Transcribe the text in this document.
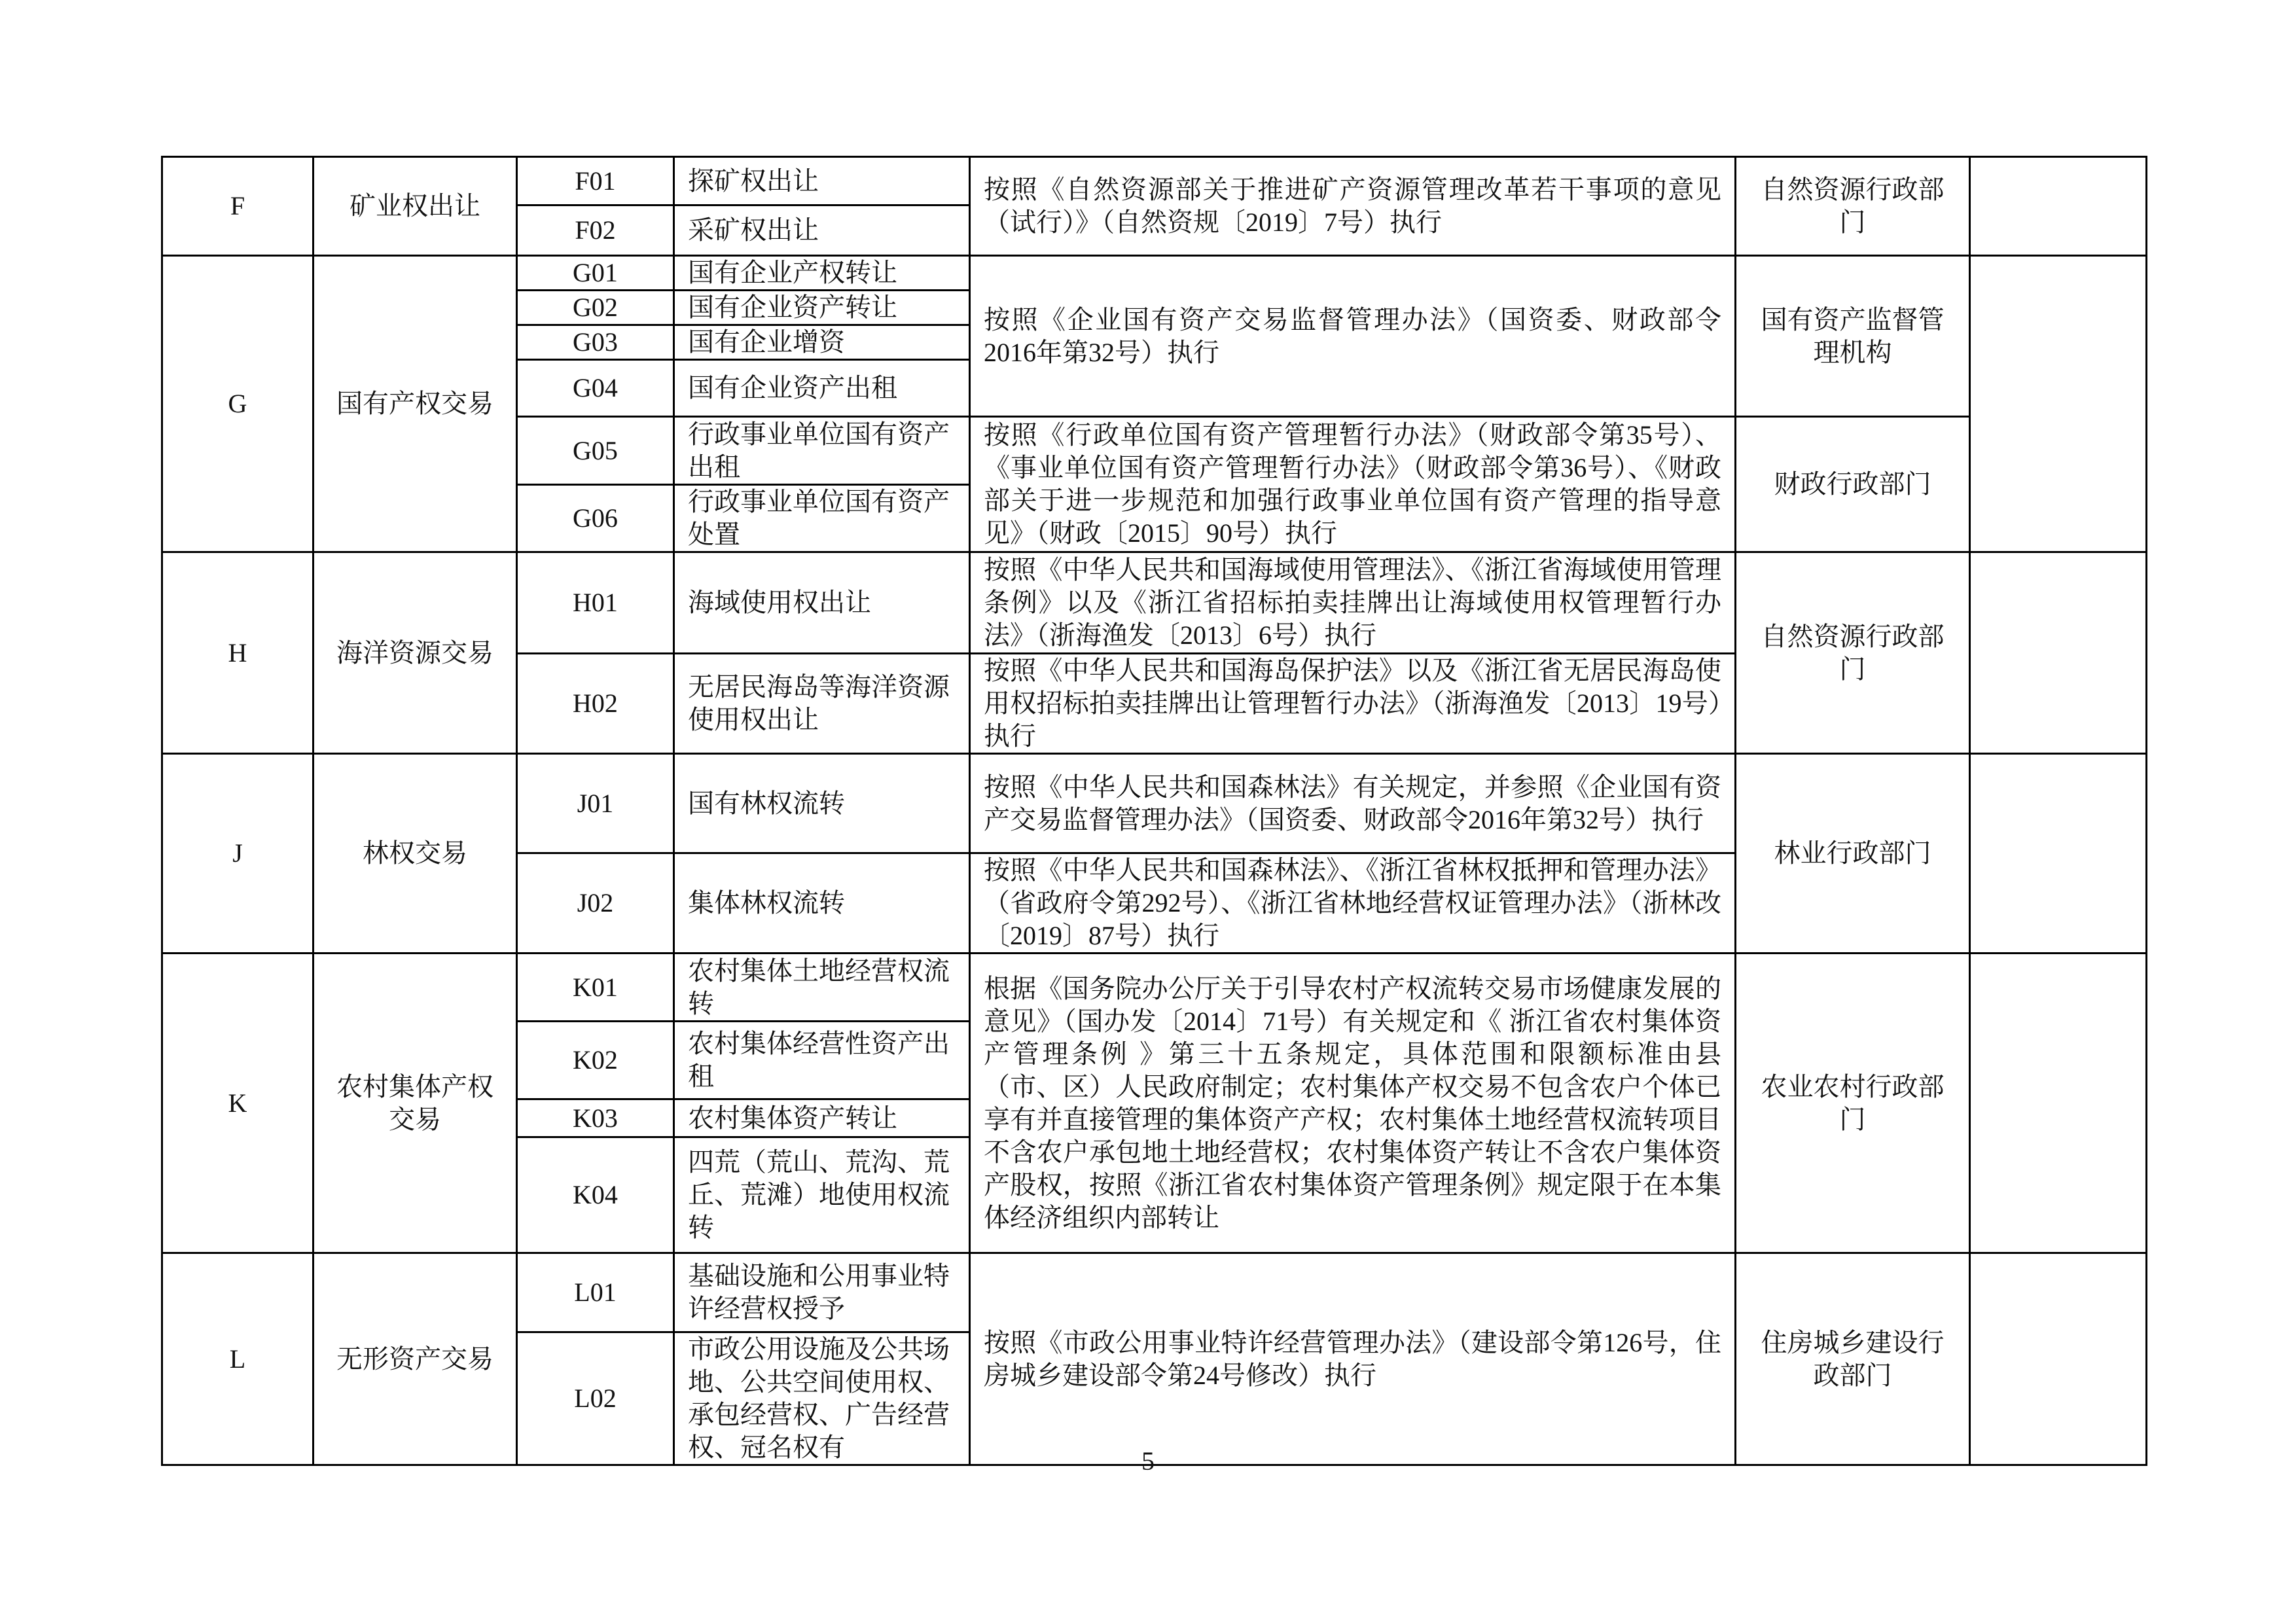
F	矿业权出让	F01	探矿权出让	按照《自然资源部关于推进矿产资源管理改革若干事项的意见（试行）》（自然资规〔2019〕7号）执行	自然资源行政部门	
		F02	采矿权出让			
G	国有产权交易	G01	国有企业产权转让	按照《企业国有资产交易监督管理办法》（国资委、财政部令2016年第32号）执行	国有资产监督管理机构	
		G02	国有企业资产转让			
		G03	国有企业增资			
		G04	国有企业资产出租			
		G05	行政事业单位国有资产出租	按照《行政单位国有资产管理暂行办法》（财政部令第35号）、《事业单位国有资产管理暂行办法》（财政部令第36号）、《财政部关于进一步规范和加强行政事业单位国有资产管理的指导意见》（财政〔2015〕90号）执行	财政行政部门	
		G06	行政事业单位国有资产处置			
H	海洋资源交易	H01	海域使用权出让	按照《中华人民共和国海域使用管理法》、《浙江省海域使用管理条例》以及《浙江省招标拍卖挂牌出让海域使用权管理暂行办法》（浙海渔发〔2013〕6号）执行	自然资源行政部门	
		H02	无居民海岛等海洋资源使用权出让	按照《中华人民共和国海岛保护法》以及《浙江省无居民海岛使用权招标拍卖挂牌出让管理暂行办法》（浙海渔发〔2013〕19号）执行		
J	林权交易	J01	国有林权流转	按照《中华人民共和国森林法》有关规定，并参照《企业国有资产交易监督管理办法》（国资委、财政部令2016年第32号）执行	林业行政部门	
		J02	集体林权流转	按照《中华人民共和国森林法》、《浙江省林权抵押和管理办法》（省政府令第292号）、《浙江省林地经营权证管理办法》（浙林改〔2019〕87号）执行		
K	农村集体产权交易	K01	农村集体土地经营权流转	根据《国务院办公厅关于引导农村产权流转交易市场健康发展的意见》（国办发〔2014〕71号）有关规定和《 浙江省农村集体资产管理条例 》第三十五条规定，具体范围和限额标准由县（市、区）人民政府制定；农村集体产权交易不包含农户个体已享有并直接管理的集体资产产权；农村集体土地经营权流转项目不含农户承包地土地经营权；农村集体资产转让不含农户集体资产股权，按照《浙江省农村集体资产管理条例》规定限于在本集体经济组织内部转让	农业农村行政部门	
		K02	农村集体经营性资产出租			
		K03	农村集体资产转让			
		K04	四荒（荒山、荒沟、荒丘、荒滩）地使用权流转			
L	无形资产交易	L01	基础设施和公用事业特许经营权授予	按照《市政公用事业特许经营管理办法》（建设部令第126号，住房城乡建设部令第24号修改）执行	住房城乡建设行政部门	
		L02	市政公用设施及公共场地、公共空间使用权、承包经营权、广告经营权、冠名权有				5
